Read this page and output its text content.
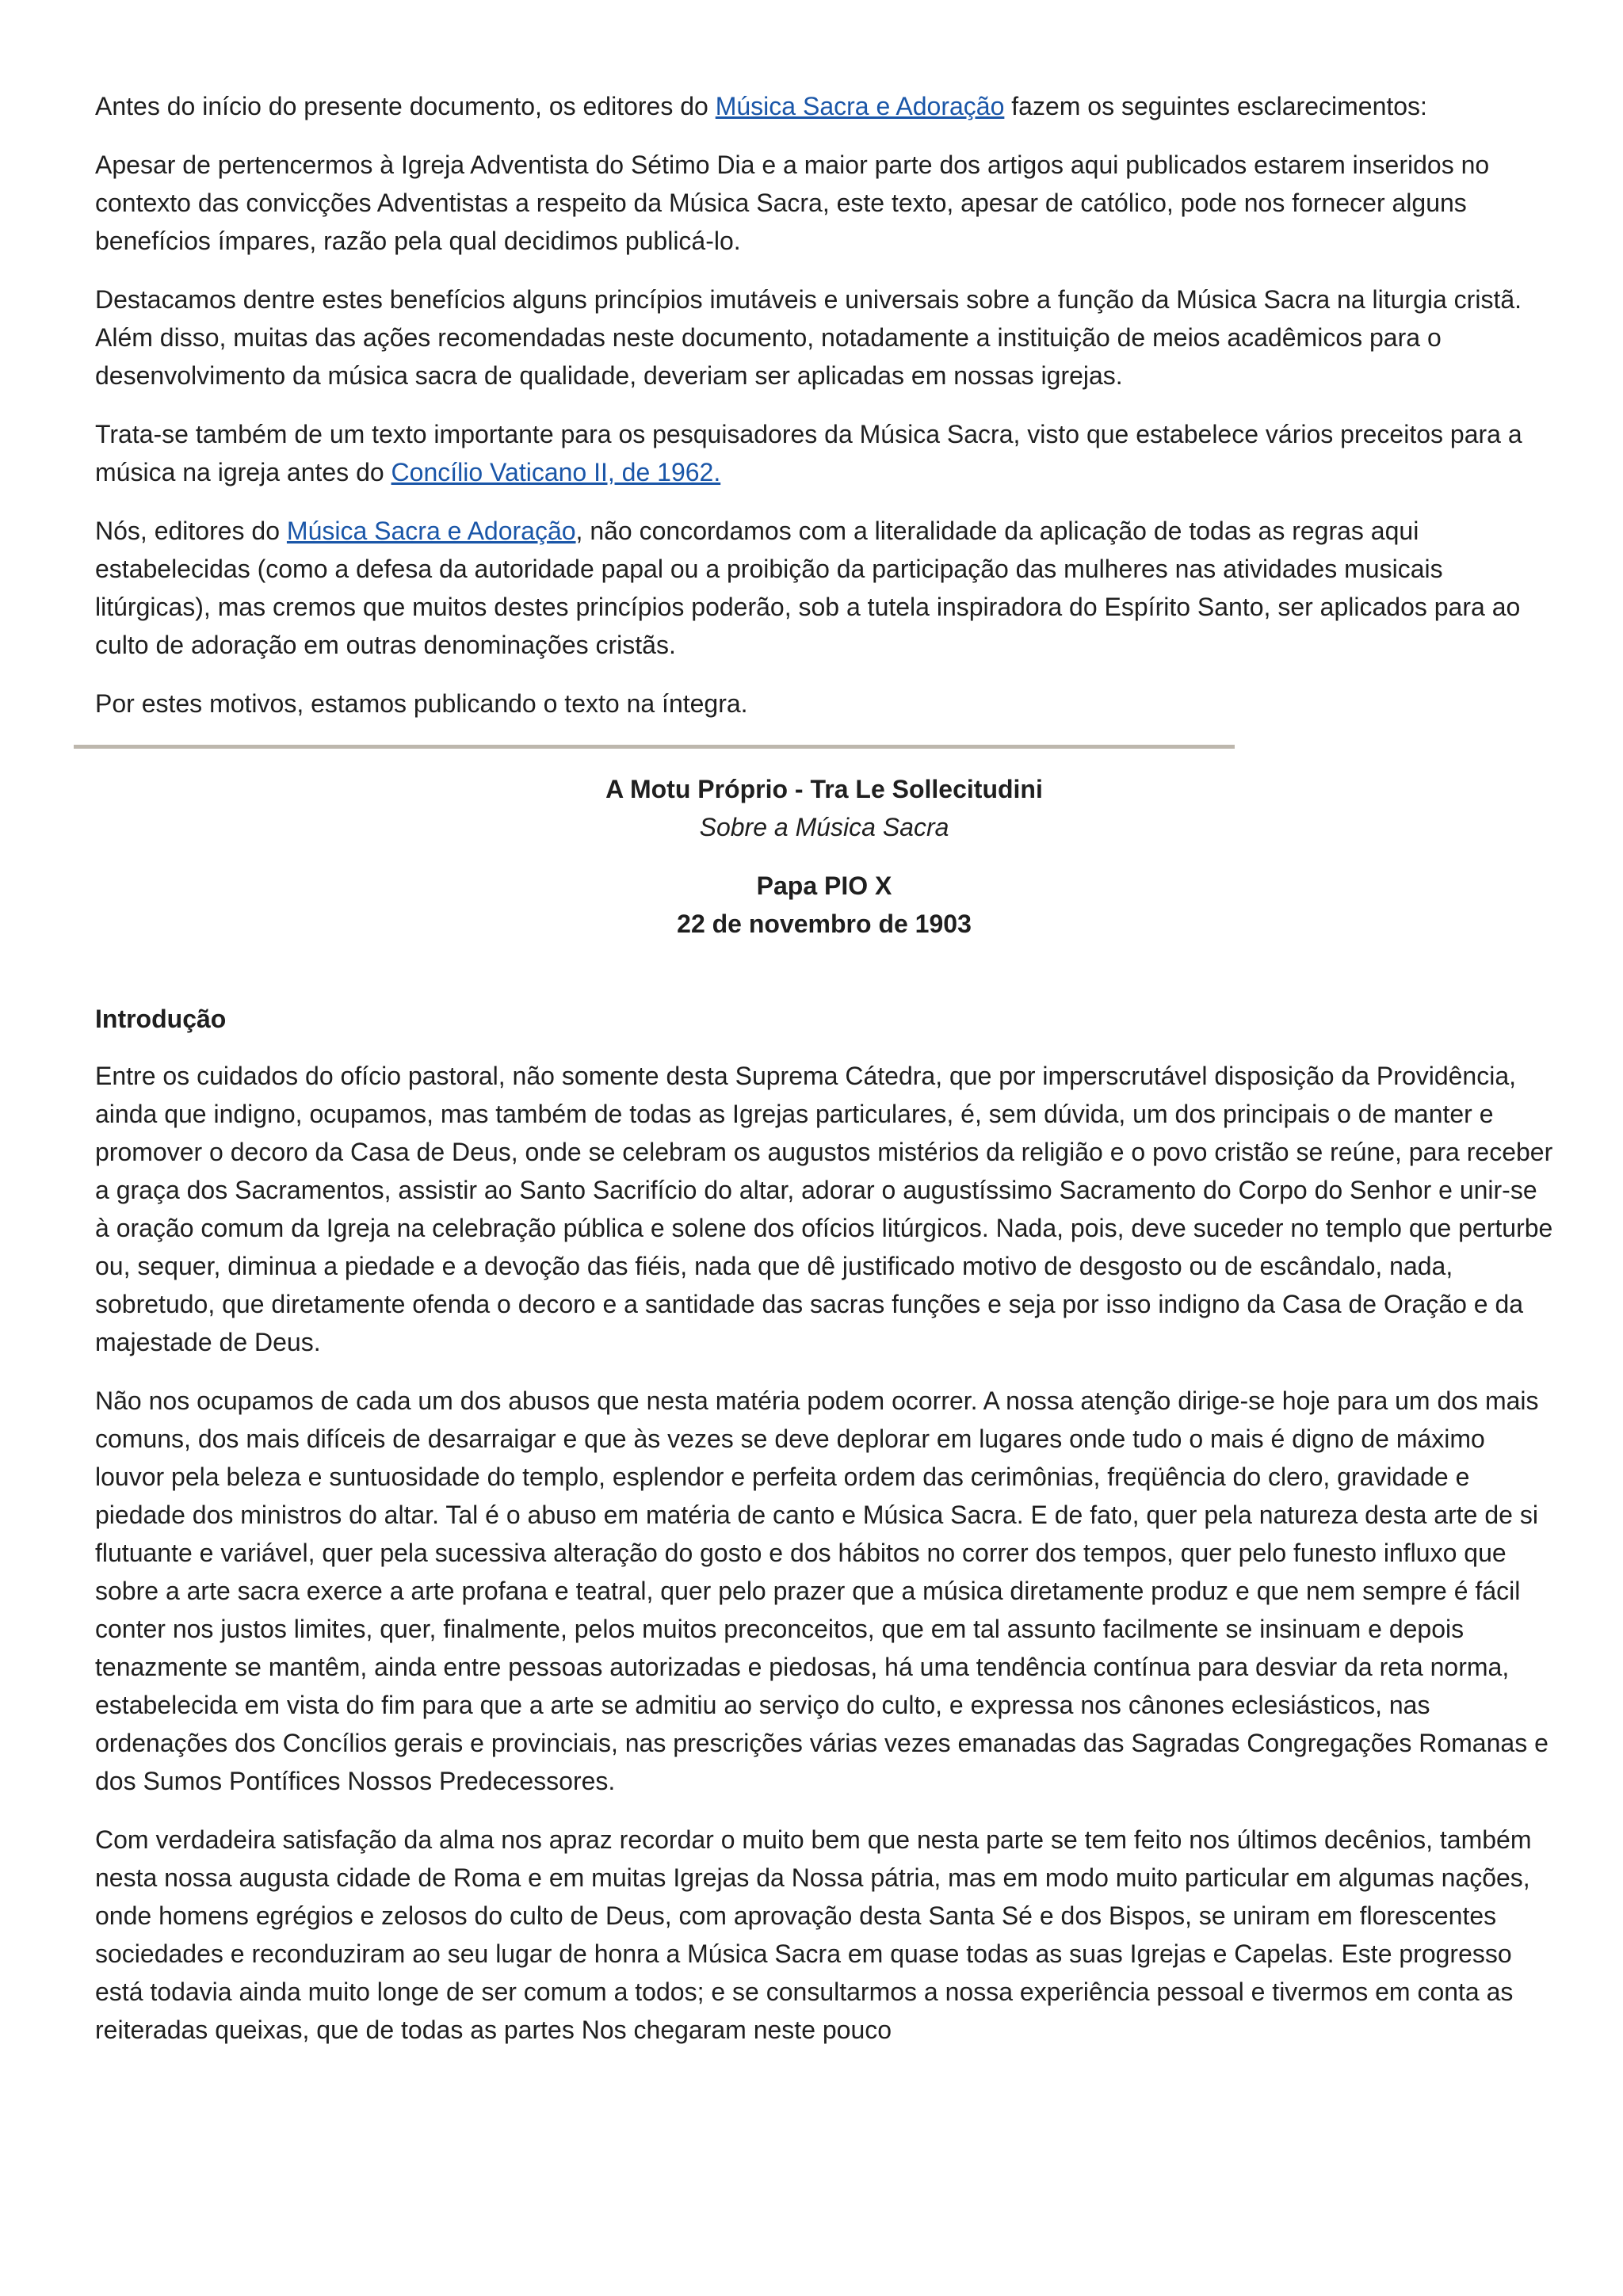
Antes do início do presente documento, os editores do Música Sacra e Adoração fazem os seguintes esclarecimentos:

Apesar de pertencermos à Igreja Adventista do Sétimo Dia e a maior parte dos artigos aqui publicados estarem inseridos no contexto das convicções Adventistas a respeito da Música Sacra, este texto, apesar de católico, pode nos fornecer alguns benefícios ímpares, razão pela qual decidimos publicá-lo.

Destacamos dentre estes benefícios alguns princípios imutáveis e universais sobre a função da Música Sacra na liturgia cristã. Além disso, muitas das ações recomendadas neste documento, notadamente a instituição de meios acadêmicos para o desenvolvimento da música sacra de qualidade, deveriam ser aplicadas em nossas igrejas.

Trata-se também de um texto importante para os pesquisadores da Música Sacra, visto que estabelece vários preceitos para a música na igreja antes do Concílio Vaticano II, de 1962.

Nós, editores do Música Sacra e Adoração, não concordamos com a literalidade da aplicação de todas as regras aqui estabelecidas (como a defesa da autoridade papal ou a proibição da participação das mulheres nas atividades musicais litúrgicas), mas cremos que muitos destes princípios poderão, sob a tutela inspiradora do Espírito Santo, ser aplicados para ao culto de adoração em outras denominações cristãs.

Por estes motivos, estamos publicando o texto na íntegra.

A Motu Próprio - Tra Le Sollecitudini
Sobre a Música Sacra
Papa PIO X
22 de novembro de 1903
Introdução

Entre os cuidados do ofício pastoral, não somente desta Suprema Cátedra, que por imperscrutável disposição da Providência, ainda que indigno, ocupamos, mas também de todas as Igrejas particulares, é, sem dúvida, um dos principais o de manter e promover o decoro da Casa de Deus, onde se celebram os augustos mistérios da religião e o povo cristão se reúne, para receber a graça dos Sacramentos, assistir ao Santo Sacrifício do altar, adorar o augustíssimo Sacramento do Corpo do Senhor e unir-se à oração comum da Igreja na celebração pública e solene dos ofícios litúrgicos. Nada, pois, deve suceder no templo que perturbe ou, sequer, diminua a piedade e a devoção das fiéis, nada que dê justificado motivo de desgosto ou de escândalo, nada, sobretudo, que diretamente ofenda o decoro e a santidade das sacras funções e seja por isso indigno da Casa de Oração e da majestade de Deus.

Não nos ocupamos de cada um dos abusos que nesta matéria podem ocorrer. A nossa atenção dirige-se hoje para um dos mais comuns, dos mais difíceis de desarraigar e que às vezes se deve deplorar em lugares onde tudo o mais é digno de máximo louvor pela beleza e suntuosidade do templo, esplendor e perfeita ordem das cerimônias, freqüência do clero, gravidade e piedade dos ministros do altar. Tal é o abuso em matéria de canto e Música Sacra. E de fato, quer pela natureza desta arte de si flutuante e variável, quer pela sucessiva alteração do gosto e dos hábitos no correr dos tempos, quer pelo funesto influxo que sobre a arte sacra exerce a arte profana e teatral, quer pelo prazer que a música diretamente produz e que nem sempre é fácil conter nos justos limites, quer, finalmente, pelos muitos preconceitos, que em tal assunto facilmente se insinuam e depois tenazmente se mantêm, ainda entre pessoas autorizadas e piedosas, há uma tendência contínua para desviar da reta norma, estabelecida em vista do fim para que a arte se admitiu ao serviço do culto, e expressa nos cânones eclesiásticos, nas ordenações dos Concílios gerais e provinciais, nas prescrições várias vezes emanadas das Sagradas Congregações Romanas e dos Sumos Pontífices Nossos Predecessores.

Com verdadeira satisfação da alma nos apraz recordar o muito bem que nesta parte se tem feito nos últimos decênios, também nesta nossa augusta cidade de Roma e em muitas Igrejas da Nossa pátria, mas em modo muito particular em algumas nações, onde homens egrégios e zelosos do culto de Deus, com aprovação desta Santa Sé e dos Bispos, se uniram em florescentes sociedades e reconduziram ao seu lugar de honra a Música Sacra em quase todas as suas Igrejas e Capelas. Este progresso está todavia ainda muito longe de ser comum a todos; e se consultarmos a nossa experiência pessoal e tivermos em conta as reiteradas queixas, que de todas as partes Nos chegaram neste pouco
